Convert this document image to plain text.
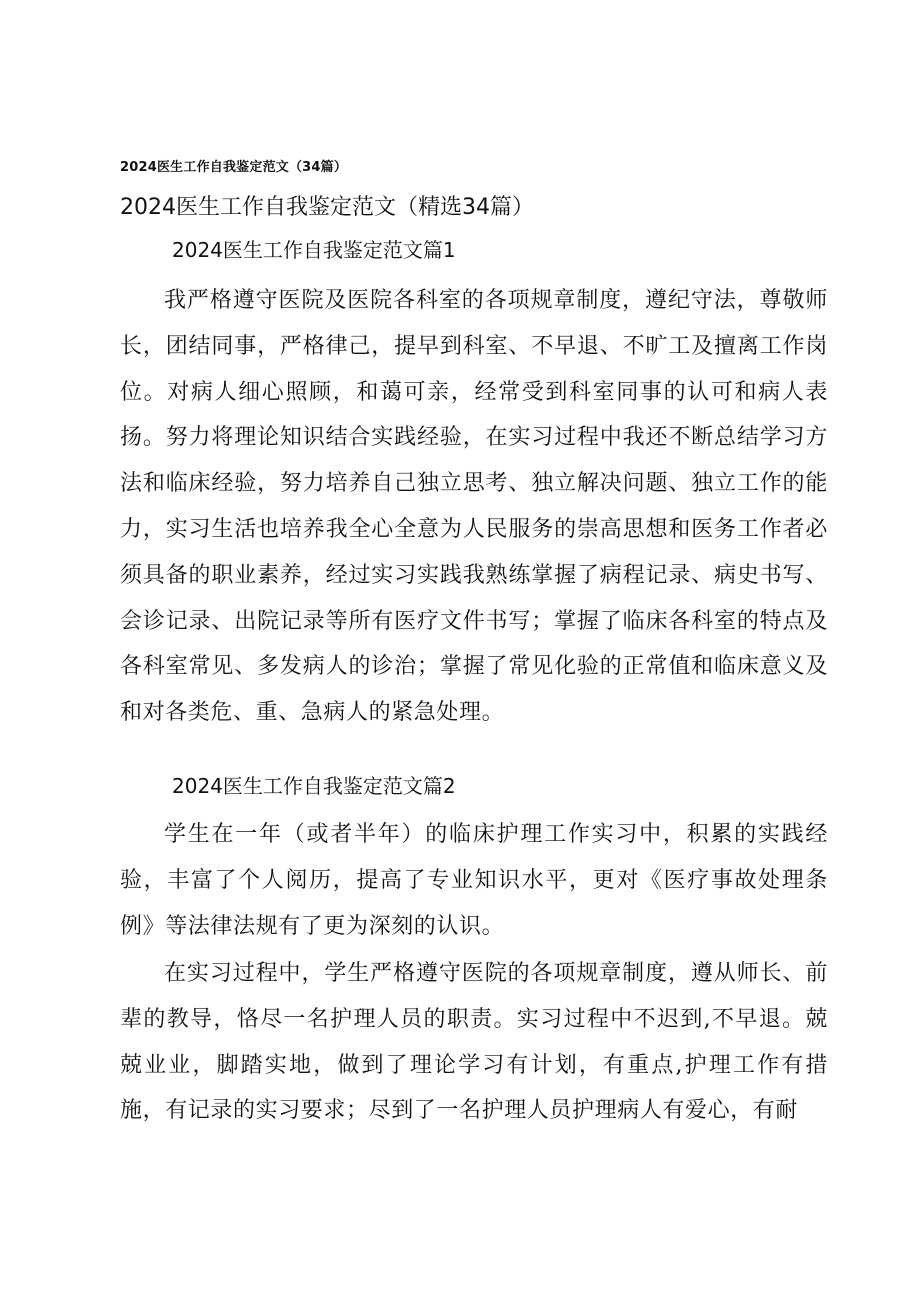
2024医生工作自我鉴定范文（34篇）
2024医生工作自我鉴定范文（精选34篇）
2024医生工作自我鉴定范文篇1
我严格遵守医院及医院各科室的各项规章制度，遵纪守法，尊敬师长，团结同事，严格律己，提早到科室、不早退、不旷工及擅离工作岗位。对病人细心照顾，和蔼可亲，经常受到科室同事的认可和病人表扬。努力将理论知识结合实践经验，在实习过程中我还不断总结学习方法和临床经验，努力培养自己独立思考、独立解决问题、独立工作的能力，实习生活也培养我全心全意为人民服务的崇高思想和医务工作者必须具备的职业素养，经过实习实践我熟练掌握了病程记录、病史书写、会诊记录、出院记录等所有医疗文件书写；掌握了临床各科室的特点及各科室常见、多发病人的诊治；掌握了常见化验的正常值和临床意义及和对各类危、重、急病人的紧急处理。
2024医生工作自我鉴定范文篇2
学生在一年（或者半年）的临床护理工作实习中，积累的实践经验，丰富了个人阅历，提高了专业知识水平，更对《医疗事故处理条例》等法律法规有了更为深刻的认识。
在实习过程中，学生严格遵守医院的各项规章制度，遵从师长、前辈的教导，恪尽一名护理人员的职责。实习过程中不迟到,不早退。兢兢业业，脚踏实地，做到了理论学习有计划，有重点,护理工作有措施，有记录的实习要求；尽到了一名护理人员护理病人有爱心，有耐
